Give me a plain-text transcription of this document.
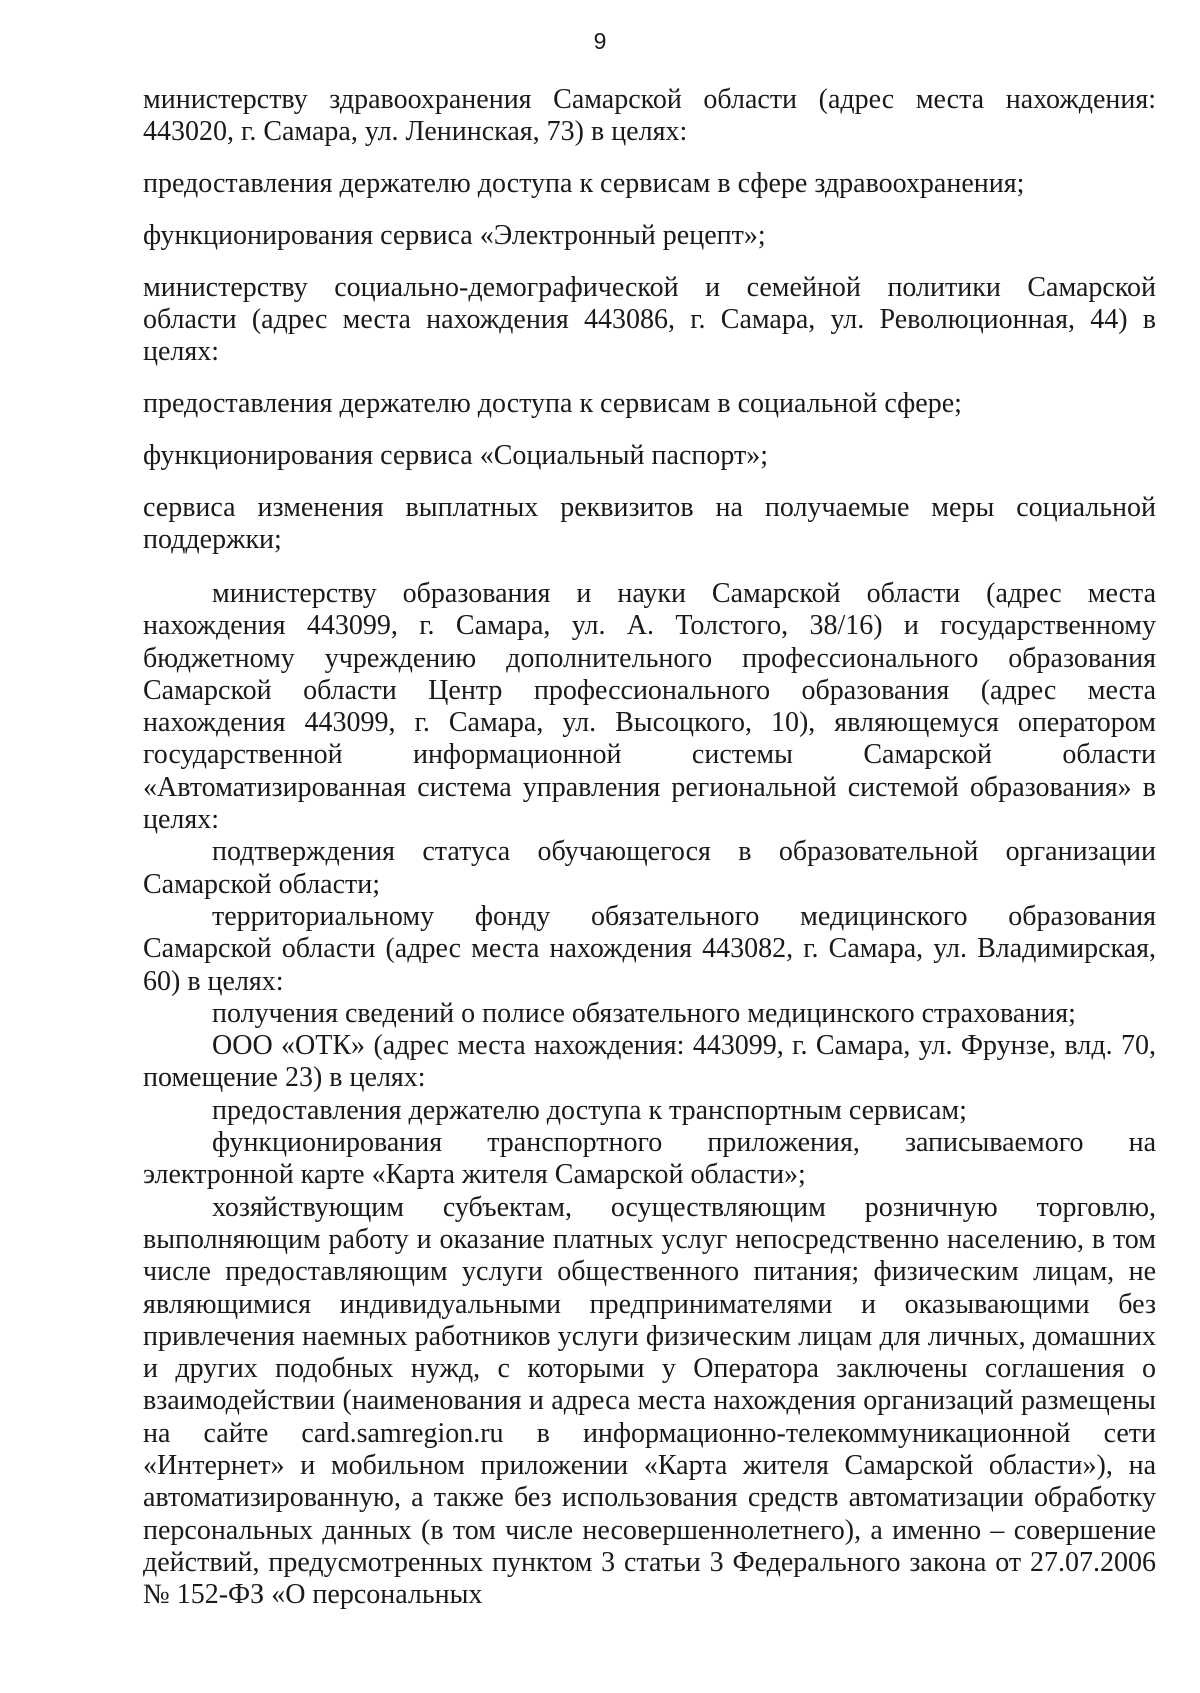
9

министерству здравоохранения Самарской области (адрес места нахождения: 443020, г. Самара, ул. Ленинская, 73) в целях:

предоставления держателю доступа к сервисам в сфере здравоохранения;

функционирования сервиса «Электронный рецепт»;

министерству социально-демографической и семейной политики Самарской области (адрес места нахождения 443086, г. Самара, ул. Революционная, 44) в целях:

предоставления держателю доступа к сервисам в социальной сфере;

функционирования сервиса «Социальный паспорт»;

сервиса изменения выплатных реквизитов на получаемые меры социальной поддержки;

министерству образования и науки Самарской области (адрес места нахождения 443099, г. Самара, ул. А. Толстого, 38/16) и государственному бюджетному учреждению дополнительного профессионального образования Самарской области Центр профессионального образования (адрес места нахождения 443099, г. Самара, ул. Высоцкого, 10), являющемуся оператором государственной информационной системы Самарской области «Автоматизированная система управления региональной системой образования» в целях:

подтверждения статуса обучающегося в образовательной организации Самарской области;

территориальному фонду обязательного медицинского образования Самарской области (адрес места нахождения 443082, г. Самара, ул. Владимирская, 60) в целях:

получения сведений о полисе обязательного медицинского страхования;

ООО «ОТК» (адрес места нахождения: 443099, г. Самара, ул. Фрунзе, влд. 70, помещение 23) в целях:

предоставления держателю доступа к транспортным сервисам;

функционирования транспортного приложения, записываемого на электронной карте «Карта жителя Самарской области»;

хозяйствующим субъектам, осуществляющим розничную торговлю, выполняющим работу и оказание платных услуг непосредственно населению, в том числе предоставляющим услуги общественного питания; физическим лицам, не являющимися индивидуальными предпринимателями и оказывающими без привлечения наемных работников услуги физическим лицам для личных, домашних и других подобных нужд, с которыми у Оператора заключены соглашения о взаимодействии (наименования и адреса места нахождения организаций размещены на сайте card.samregion.ru в информационно-телекоммуникационной сети «Интернет» и мобильном приложении «Карта жителя Самарской области»), на автоматизированную, а также без использования средств автоматизации обработку персональных данных (в том числе несовершеннолетнего), а именно – совершение действий, предусмотренных пунктом 3 статьи 3 Федерального закона от 27.07.2006 № 152-ФЗ «О персональных
